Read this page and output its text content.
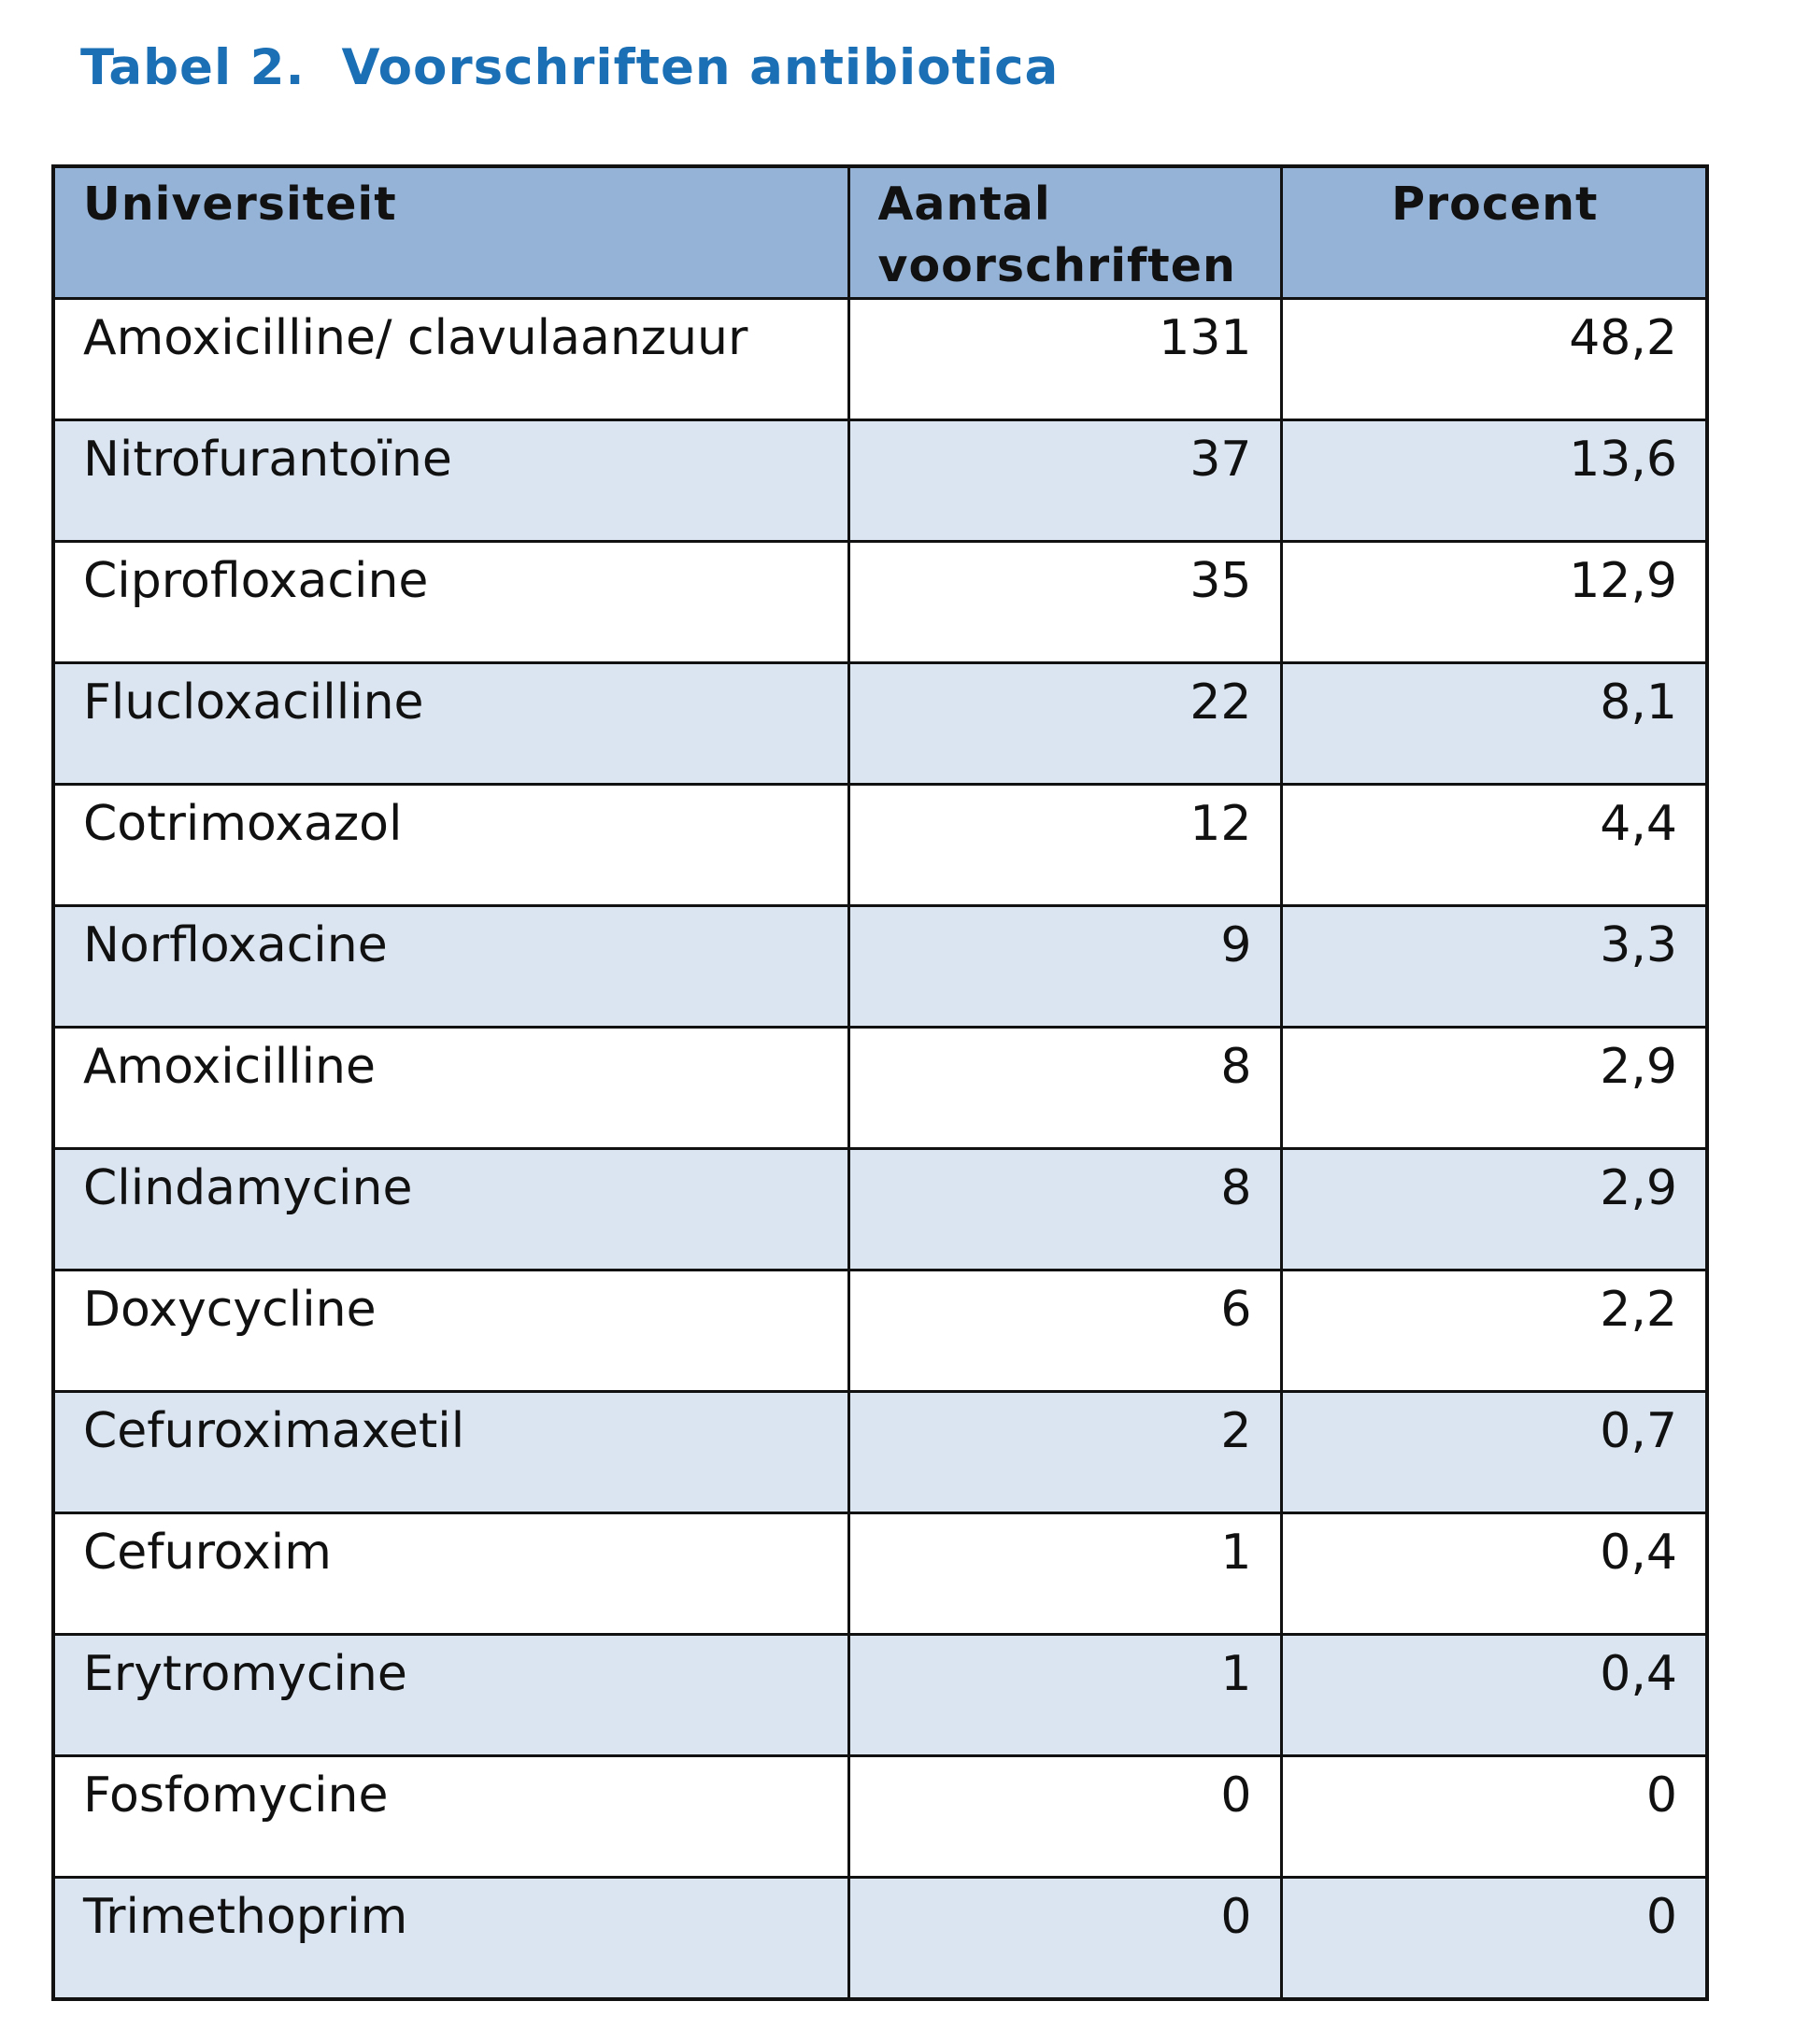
Tabel 2.  Voorschriften antibiotica
Universiteit	Aantal voorschriften	Procent
Amoxicilline/ clavulaanzuur	131	48,2
Nitrofurantoïne	37	13,6
Ciprofloxacine	35	12,9
Flucloxacilline	22	8,1
Cotrimoxazol	12	4,4
Norfloxacine	9	3,3
Amoxicilline	8	2,9
Clindamycine	8	2,9
Doxycycline	6	2,2
Cefuroximaxetil	2	0,7
Cefuroxim	1	0,4
Erytromycine	1	0,4
Fosfomycine	0	0
Trimethoprim	0	0
